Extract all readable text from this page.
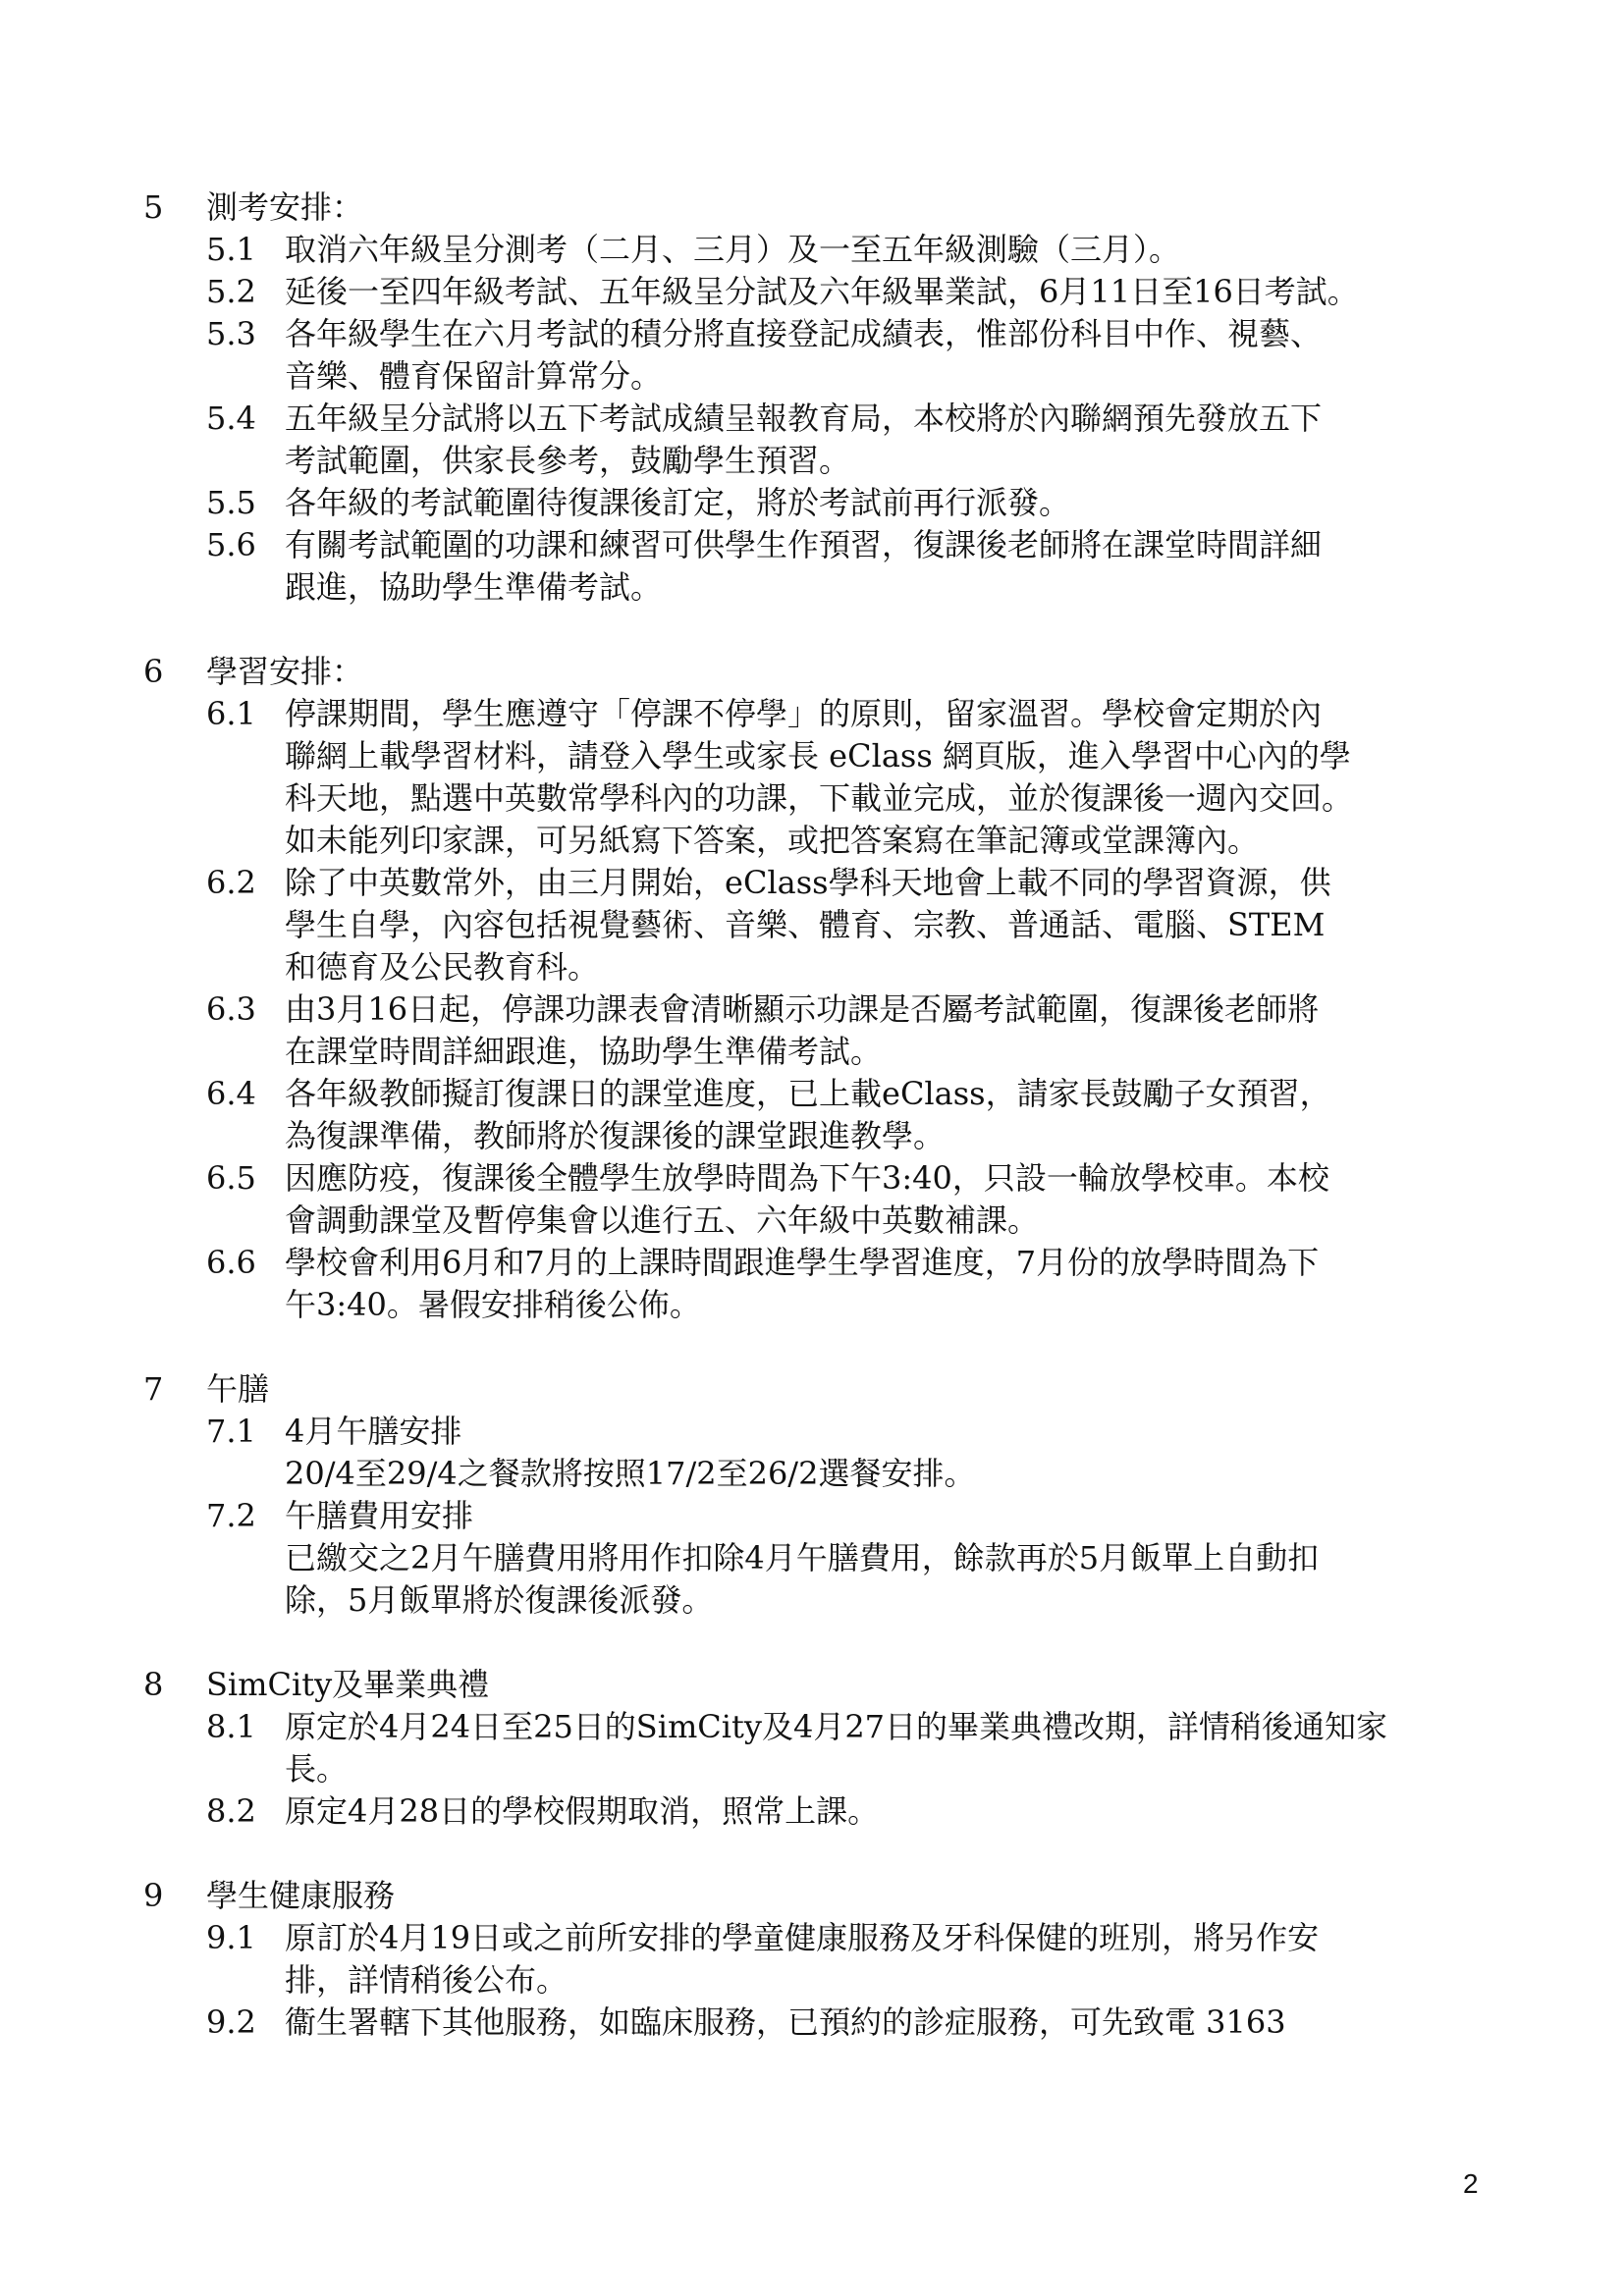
5	測考安排：
5.1 取消六年級呈分測考（二月、三月）及一至五年級測驗（三月）。
5.2 延後一至四年級考試、五年級呈分試及六年級畢業試，6月11日至16日考試。
5.3 各年級學生在六月考試的積分將直接登記成績表，惟部份科目中作、視藝、
音樂、體育保留計算常分。
5.4 五年級呈分試將以五下考試成績呈報教育局，本校將於內聯網預先發放五下
考試範圍，供家長參考，鼓勵學生預習。
5.5 各年級的考試範圍待復課後訂定，將於考試前再行派發。
5.6 有關考試範圍的功課和練習可供學生作預習，復課後老師將在課堂時間詳細
跟進，協助學生準備考試。
6	學習安排：
6.1 停課期間，學生應遵守「停課不停學」的原則，留家溫習。學校會定期於內
聯網上載學習材料，請登入學生或家長 eClass 網頁版，進入學習中心內的學
科天地，點選中英數常學科內的功課，下載並完成，並於復課後一週內交回。
如未能列印家課，可另紙寫下答案，或把答案寫在筆記簿或堂課簿內。
6.2 除了中英數常外，由三月開始，eClass學科天地會上載不同的學習資源，供
學生自學，內容包括視覺藝術、音樂、體育、宗教、普通話、電腦、STEM
和德育及公民教育科。
6.3 由3月16日起，停課功課表會清晰顯示功課是否屬考試範圍，復課後老師將
在課堂時間詳細跟進，協助學生準備考試。
6.4 各年級教師擬訂復課日的課堂進度，已上載eClass，請家長鼓勵子女預習，
為復課準備，教師將於復課後的課堂跟進教學。
6.5 因應防疫，復課後全體學生放學時間為下午3:40，只設一輪放學校車。本校
會調動課堂及暫停集會以進行五、六年級中英數補課。
6.6 學校會利用6月和7月的上課時間跟進學生學習進度，7月份的放學時間為下
午3:40。暑假安排稍後公佈。
7	午膳
7.1 4月午膳安排
20/4至29/4之餐款將按照17/2至26/2選餐安排。
7.2 午膳費用安排
已繳交之2月午膳費用將用作扣除4月午膳費用，餘款再於5月飯單上自動扣
除，5月飯單將於復課後派發。
8	SimCity及畢業典禮
8.1 原定於4月24日至25日的SimCity及4月27日的畢業典禮改期，詳情稍後通知家
長。
8.2 原定4月28日的學校假期取消，照常上課。
9	學生健康服務
9.1 原訂於4月19日或之前所安排的學童健康服務及牙科保健的班別，將另作安
排，詳情稍後公布。
9.2 衞生署轄下其他服務，如臨床服務，已預約的診症服務，可先致電 3163
2
